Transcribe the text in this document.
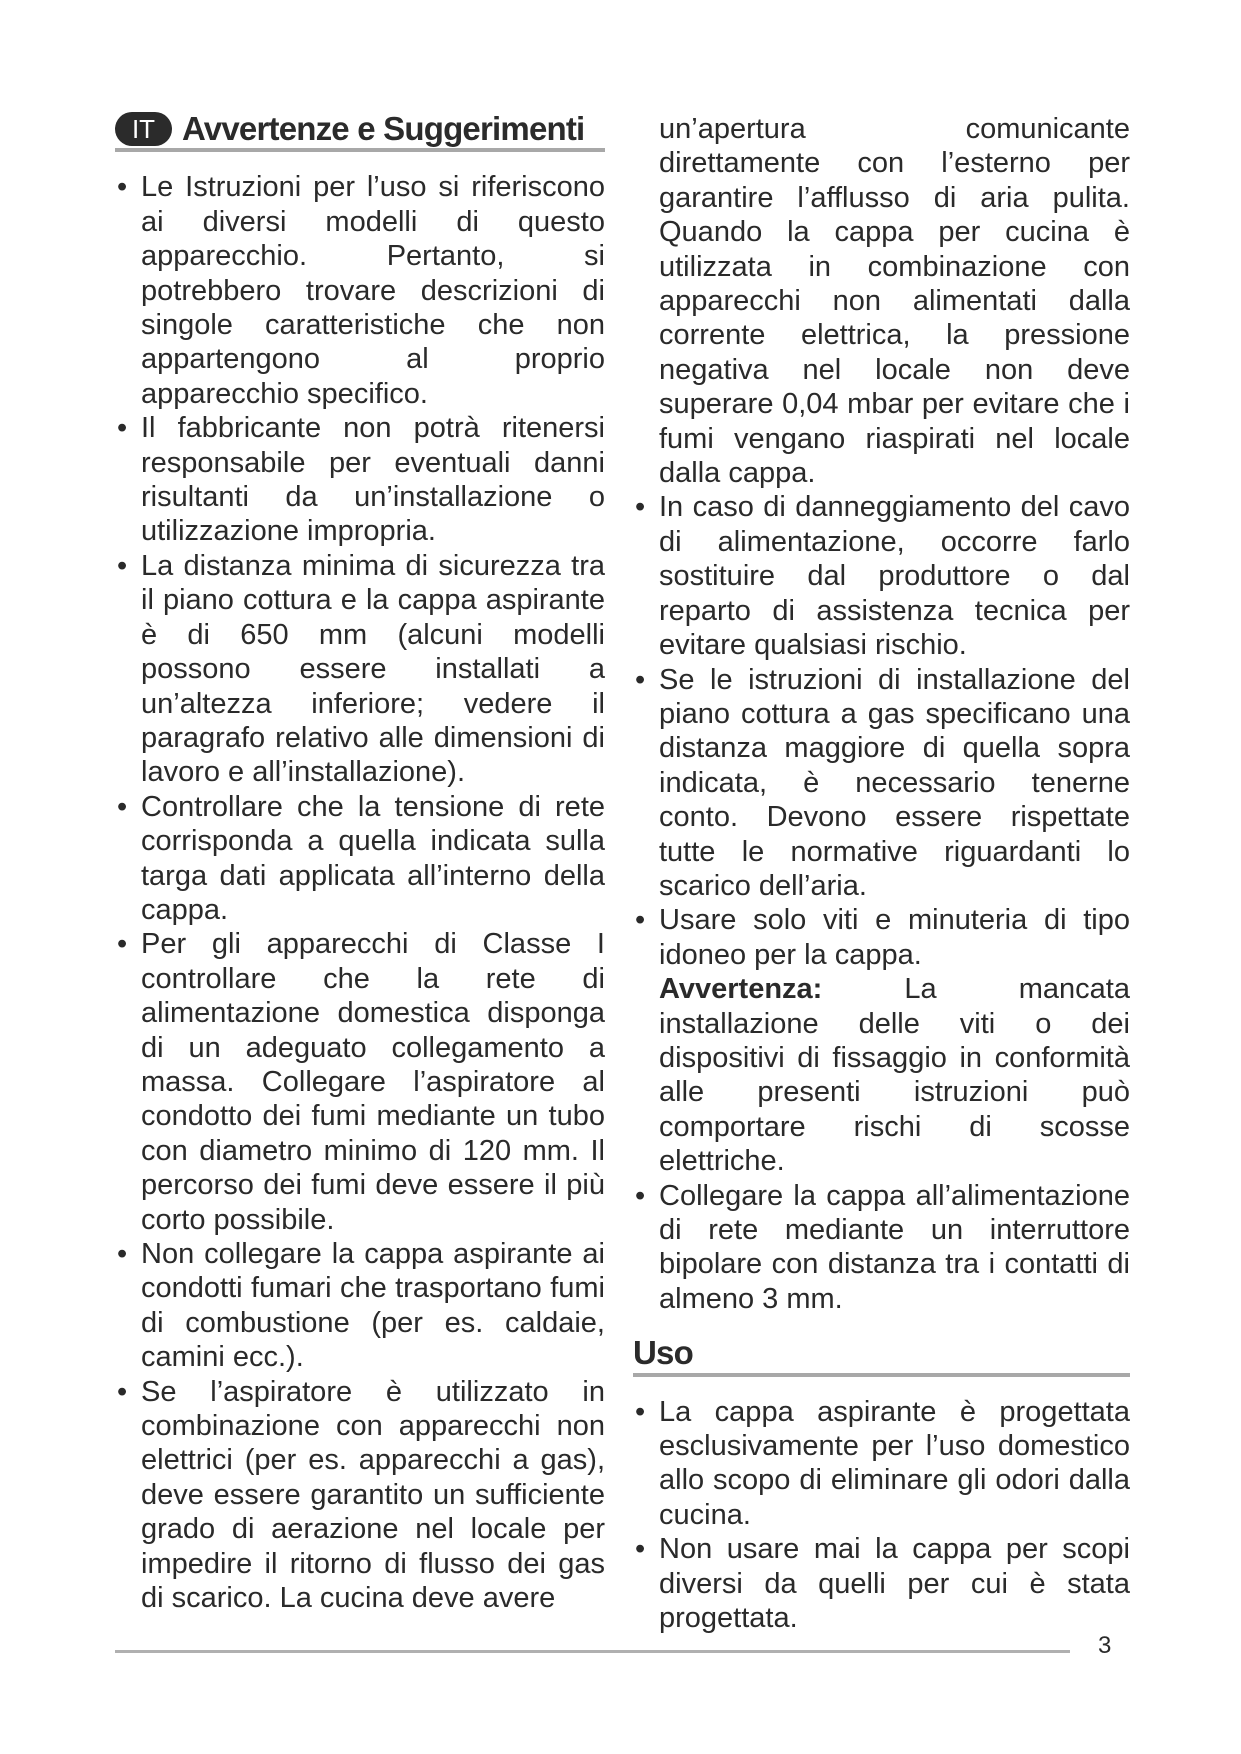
IT Avvertenze e Suggerimenti
• Le Istruzioni per l’uso si riferiscono ai diversi modelli di questo apparecchio. Pertanto, si potrebbero trovare descrizioni di singole caratteristiche che non appartengono al proprio apparecchio specifico.
• Il fabbricante non potrà ritenersi responsabile per eventuali danni risultanti da un’installazione o utilizzazione impropria.
• La distanza minima di sicurezza tra il piano cottura e la cappa aspirante è di 650 mm (alcuni modelli possono essere installati a un’altezza inferiore; vedere il paragrafo relativo alle dimensioni di lavoro e all’installazione).
• Controllare che la tensione di rete corrisponda a quella indicata sulla targa dati applicata all’interno della cappa.
• Per gli apparecchi di Classe I controllare che la rete di alimentazione domestica disponga di un adeguato collegamento a massa. Collegare l’aspiratore al condotto dei fumi mediante un tubo con diametro minimo di 120 mm. Il percorso dei fumi deve essere il più corto possibile.
• Non collegare la cappa aspirante ai condotti fumari che trasportano fumi di combustione (per es. caldaie, camini ecc.).
• Se l’aspiratore è utilizzato in combinazione con apparecchi non elettrici (per es. apparecchi a gas), deve essere garantito un sufficiente grado di aerazione nel locale per impedire il ritorno di flusso dei gas di scarico. La cucina deve avere

un’apertura comunicante direttamente con l’esterno per garantire l’afflusso di aria pulita. Quando la cappa per cucina è utilizzata in combinazione con apparecchi non alimentati dalla corrente elettrica, la pressione negativa nel locale non deve superare 0,04 mbar per evitare che i fumi vengano riaspirati nel locale dalla cappa.

• In caso di danneggiamento del cavo di alimentazione, occorre farlo sostituire dal produttore o dal reparto di assistenza tecnica per evitare qualsiasi rischio.
• Se le istruzioni di installazione del piano cottura a gas specificano una distanza maggiore di quella sopra indicata, è necessario tenerne conto. Devono essere rispettate tutte le normative riguardanti lo scarico dell’aria.
• Usare solo viti e minuteria di tipo idoneo per la cappa.

Avvertenza:	La mancata installazione delle viti o dei dispositivi di fissaggio in conformità alle presenti istruzioni può comportare rischi di scosse elettriche.

• Collegare la cappa all’alimentazione di rete mediante un interruttore bipolare con distanza tra i contatti di almeno 3 mm.
Uso
• La cappa aspirante è progettata esclusivamente per l’uso domestico allo scopo di eliminare gli odori dalla cucina.
• Non usare mai la cappa per scopi diversi da quelli per cui è stata progettata.
3
